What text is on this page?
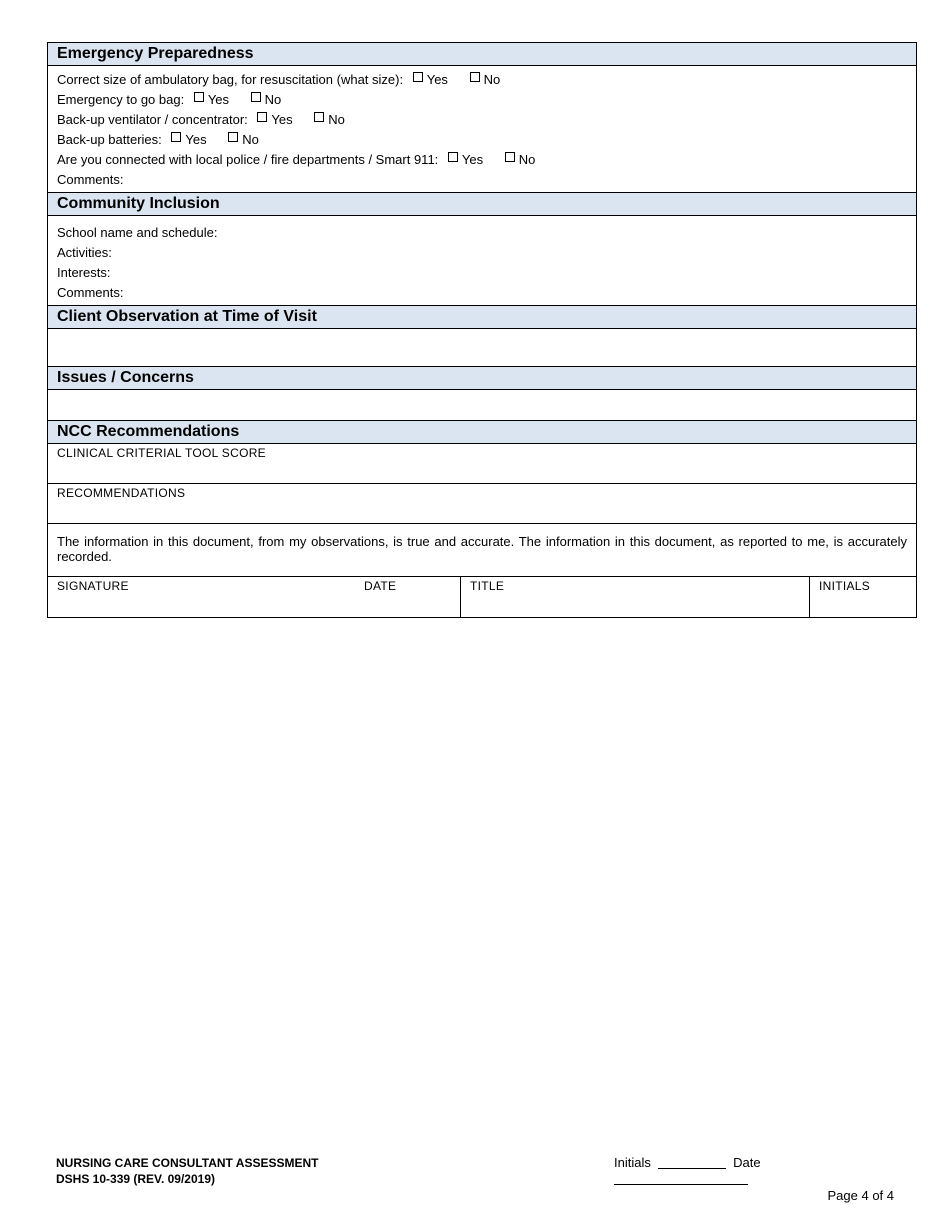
Emergency Preparedness
Correct size of ambulatory bag, for resuscitation (what size): Yes	No
Emergency to go bag: Yes	No
Back-up ventilator / concentrator: Yes	No
Back-up batteries: Yes	No
Are you connected with local police / fire departments / Smart 911: Yes	No
Comments:
Community Inclusion
School name and schedule:
Activities:
Interests:
Comments:
Client Observation at Time of Visit
Issues / Concerns
NCC Recommendations
CLINICAL CRITERIAL TOOL SCORE
RECOMMENDATIONS
The information in this document, from my observations, is true and accurate. The information in this document, as reported to me, is accurately recorded.
SIGNATURE	DATE	TITLE	INITIALS
NURSING CARE CONSULTANT ASSESSMENT
DSHS 10-339 (REV. 09/2019)
Initials	Date
Page 4 of 4
